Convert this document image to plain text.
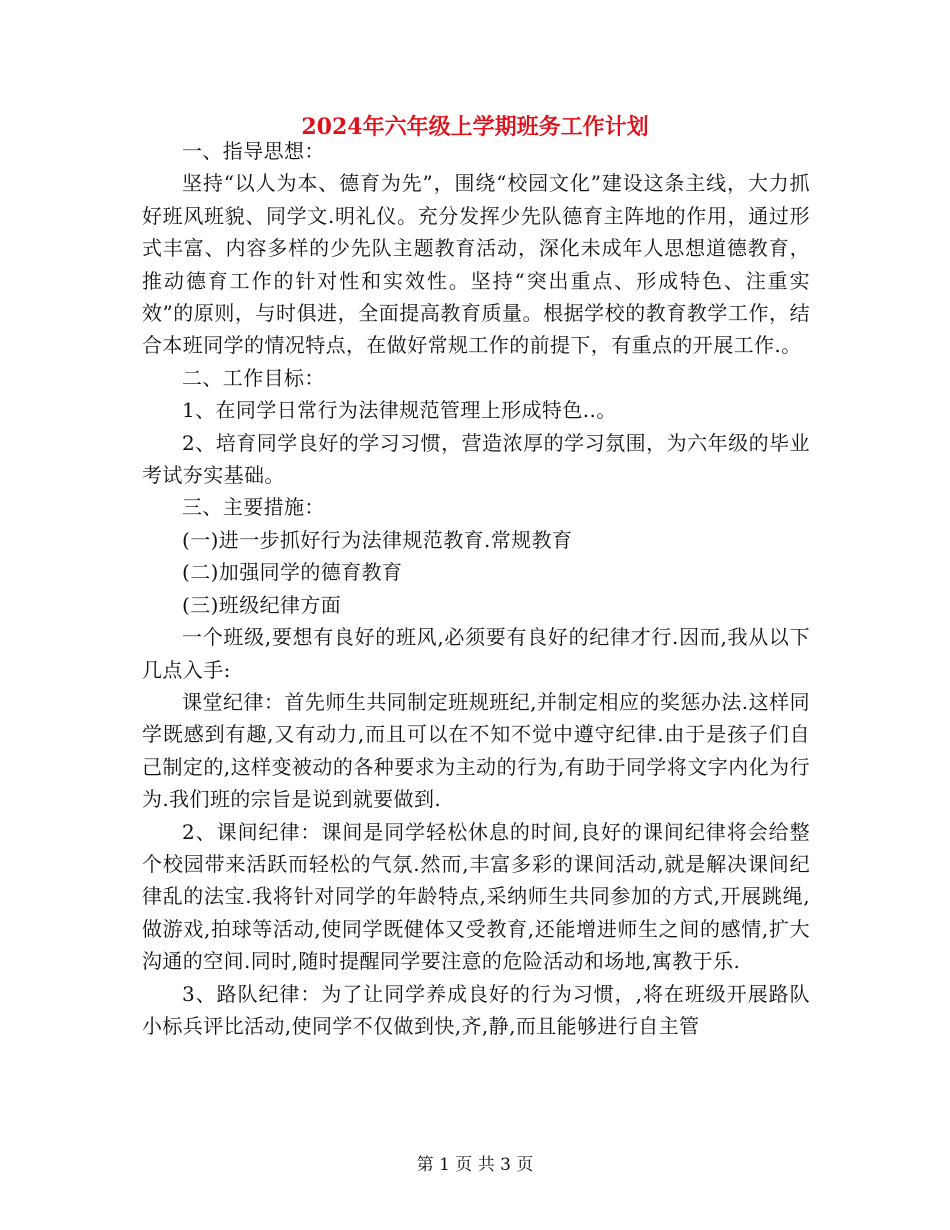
2024年六年级上学期班务工作计划

一、指导思想：

坚持“以人为本、德育为先”，围绕“校园文化”建设这条主线，大力抓好班风班貌、同学文.明礼仪。充分发挥少先队德育主阵地的作用，通过形式丰富、内容多样的少先队主题教育活动，深化未成年人思想道德教育，推动德育工作的针对性和实效性。坚持“突出重点、形成特色、注重实效”的原则，与时俱进，全面提高教育质量。根据学校的教育教学工作，结合本班同学的情况特点，在做好常规工作的前提下，有重点的开展工作.。

二、工作目标：

1、在同学日常行为法律规范管理上形成特色..。

2、培育同学良好的学习习惯，营造浓厚的学习氛围，为六年级的毕业考试夯实基础。

三、主要措施：

(一)进一步抓好行为法律规范教育.常规教育

(二)加强同学的德育教育

(三)班级纪律方面

一个班级,要想有良好的班风,必须要有良好的纪律才行.因而,我从以下几点入手:

课堂纪律：首先师生共同制定班规班纪,并制定相应的奖惩办法.这样同学既感到有趣,又有动力,而且可以在不知不觉中遵守纪律.由于是孩子们自己制定的,这样变被动的各种要求为主动的行为,有助于同学将文字内化为行为.我们班的宗旨是说到就要做到.

2、课间纪律：课间是同学轻松休息的时间,良好的课间纪律将会给整个校园带来活跃而轻松的气氛.然而,丰富多彩的课间活动,就是解决课间纪律乱的法宝.我将针对同学的年龄特点,采纳师生共同参加的方式,开展跳绳,做游戏,拍球等活动,使同学既健体又受教育,还能增进师生之间的感情,扩大沟通的空间.同时,随时提醒同学要注意的危险活动和场地,寓教于乐.

3、路队纪律：为了让同学养成良好的行为习惯，,将在班级开展路队小标兵评比活动,使同学不仅做到快,齐,静,而且能够进行自主管

第 1 页 共 3 页
